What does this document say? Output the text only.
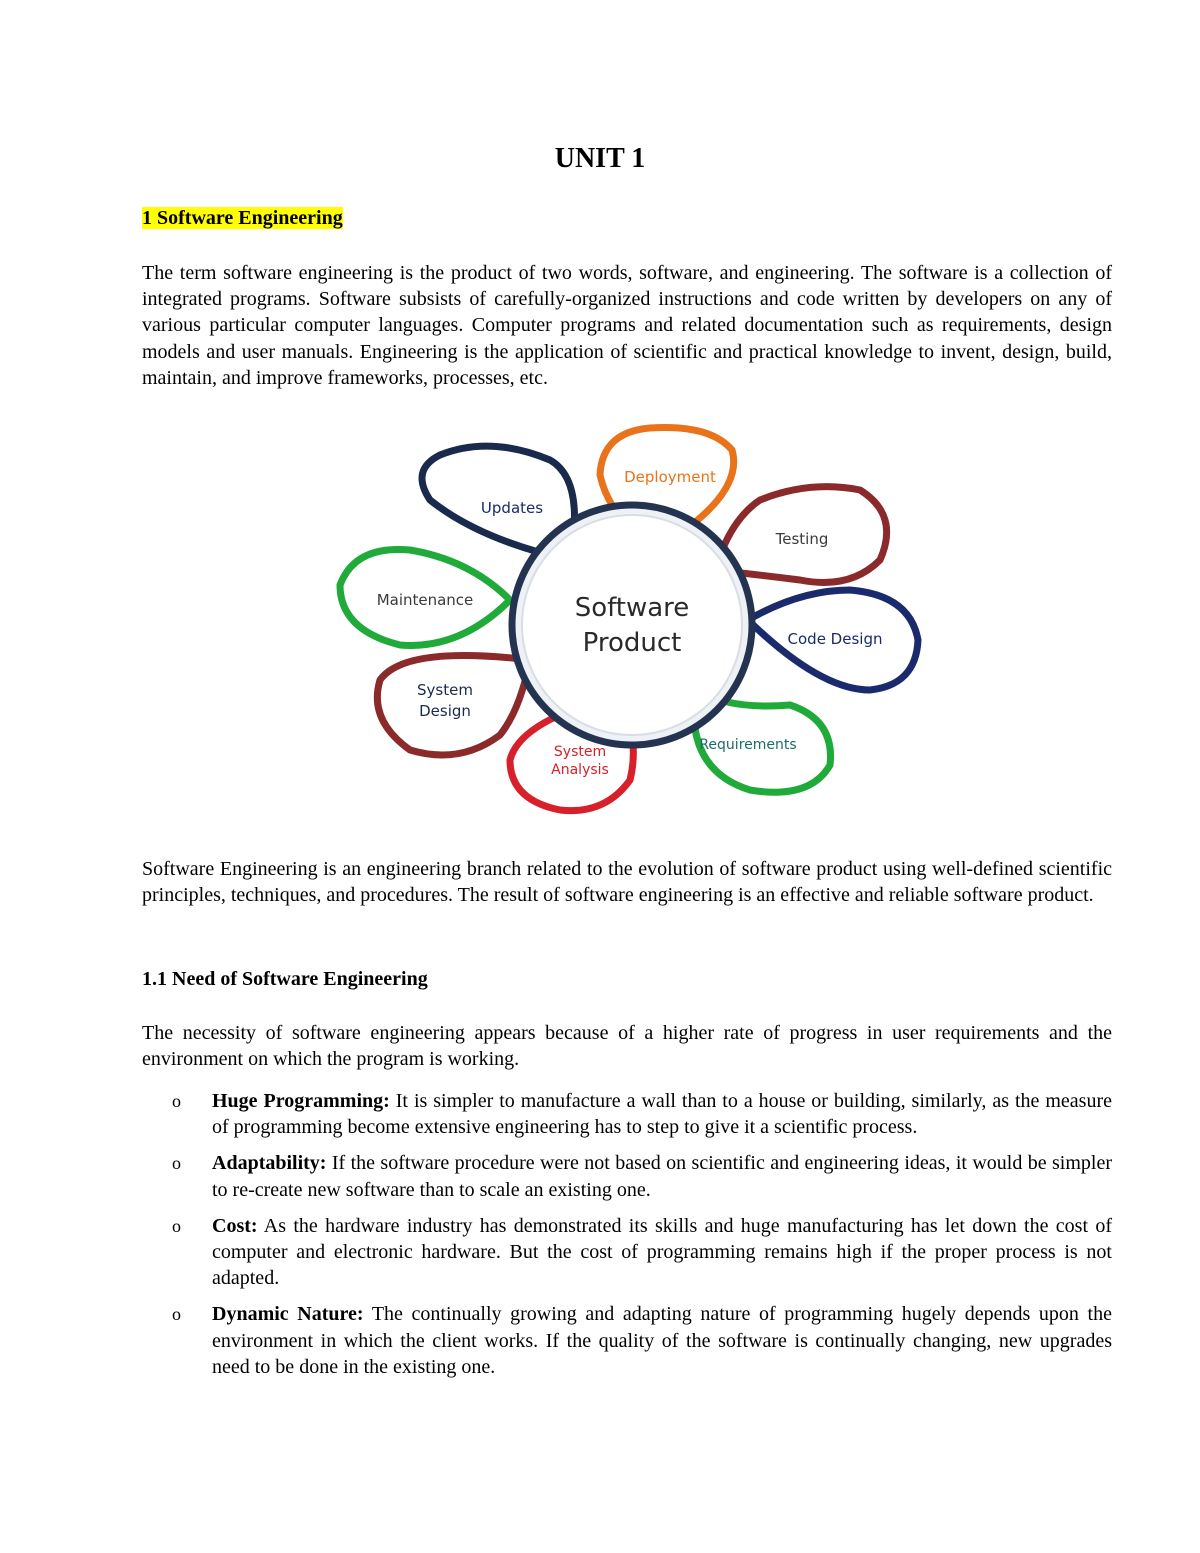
UNIT 1
1 Software Engineering
The term software engineering is the product of two words, software, and engineering. The software is a collection of integrated programs. Software subsists of carefully-organized instructions and code written by developers on any of various particular computer languages. Computer programs and related documentation such as requirements, design models and user manuals. Engineering is the application of scientific and practical knowledge to invent, design, build, maintain, and improve frameworks, processes, etc.
Updates
Deployment
Testing
Code Design
Requirements
System
Analysis
System
Design
Maintenance	Software
Product
Software Engineering is an engineering branch related to the evolution of software product using well-defined scientific principles, techniques, and procedures. The result of software engineering is an effective and reliable software product.
1.1 Need of Software Engineering
The necessity of software engineering appears because of a higher rate of progress in user requirements and the environment on which the program is working.
o Huge Programming: It is simpler to manufacture a wall than to a house or building, similarly, as the measure of programming become extensive engineering has to step to give it a scientific process.
o Adaptability: If the software procedure were not based on scientific and engineering ideas, it would be simpler to re-create new software than to scale an existing one.
o Cost: As the hardware industry has demonstrated its skills and huge manufacturing has let down the cost of computer and electronic hardware. But the cost of programming remains high if the proper process is not adapted.
o Dynamic Nature: The continually growing and adapting nature of programming hugely depends upon the environment in which the client works. If the quality of the software is continually changing, new upgrades need to be done in the existing one.
